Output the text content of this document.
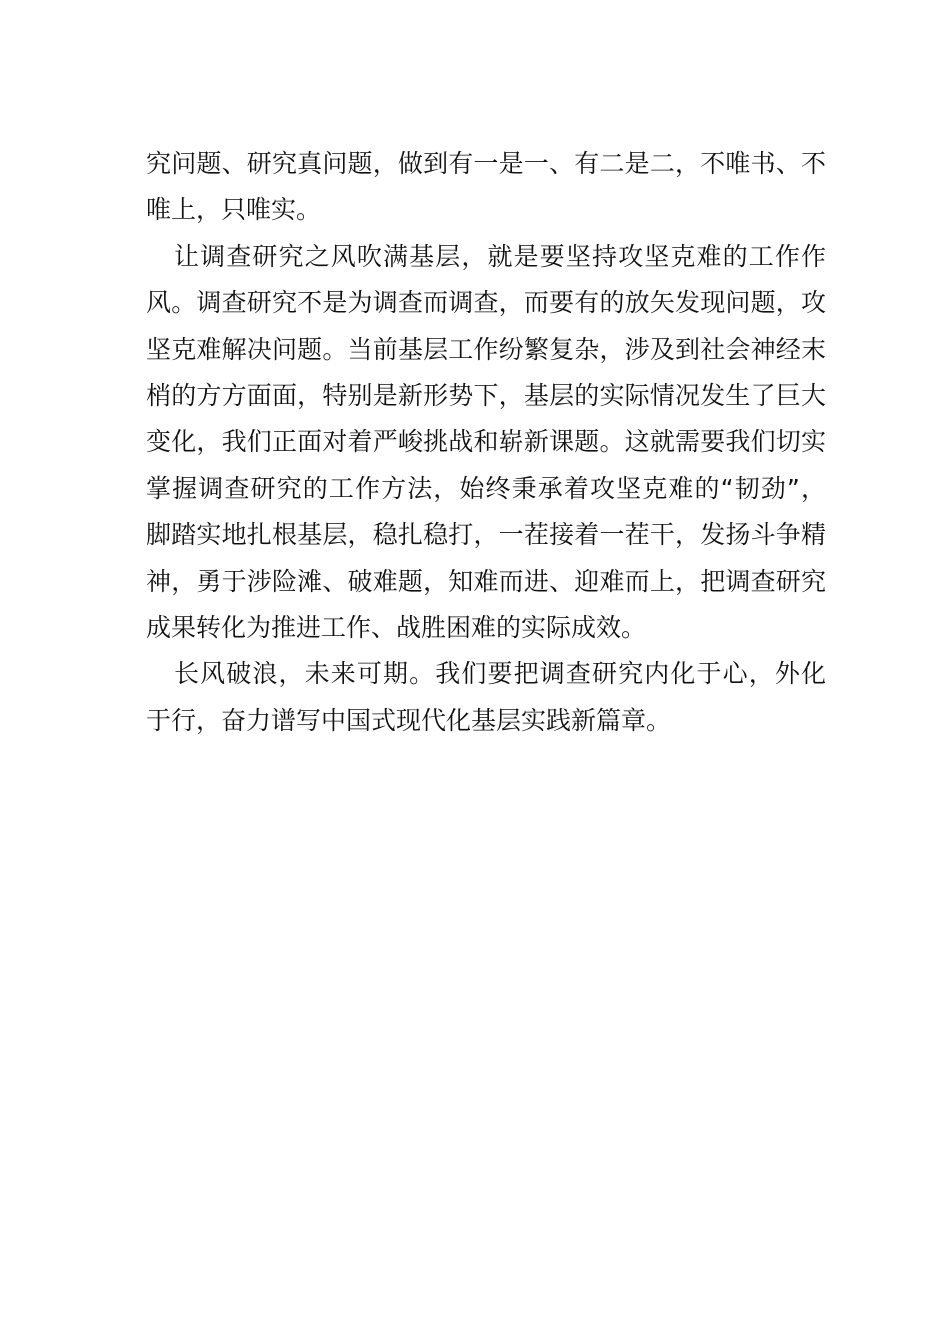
究问题、研究真问题，做到有一是一、有二是二，不唯书、不
唯上，只唯实。
让调查研究之风吹满基层，就是要坚持攻坚克难的工作作
风。调查研究不是为调查而调查，而要有的放矢发现问题，攻
坚克难解决问题。当前基层工作纷繁复杂，涉及到社会神经末
梢的方方面面，特别是新形势下，基层的实际情况发生了巨大
变化，我们正面对着严峻挑战和崭新课题。这就需要我们切实
掌握调查研究的工作方法，始终秉承着攻坚克难的“韧劲”，
脚踏实地扎根基层，稳扎稳打，一茬接着一茬干，发扬斗争精
神，勇于涉险滩、破难题，知难而进、迎难而上，把调查研究
成果转化为推进工作、战胜困难的实际成效。
长风破浪，未来可期。我们要把调查研究内化于心，外化
于行，奋力谱写中国式现代化基层实践新篇章。
